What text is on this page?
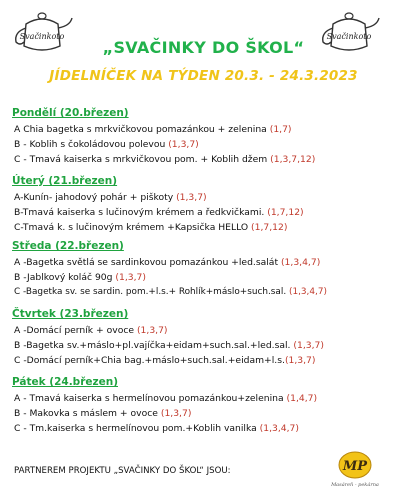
Svačinkoto	Svačinkoto
„SVAČINKY DO ŠKOL“
JÍDELNÍČEK NA TÝDEN 20.3. - 24.3.2023
Pondělí (20.březen)
A Chia bagetka s mrkvičkovou pomazánkou + zelenina (1,7)
B - Koblih s čokoládovou polevou (1,3,7)
C - Tmavá kaiserka s mrkvičkovou pom. + Koblih džem (1,3,7,12)
Úterý (21.březen)
A-Kunín- jahodový pohár + piškoty (1,3,7)
B-Tmavá kaiserka s lučinovým krémem a ředkvičkami. (1,7,12)
C-Tmavá k. s lučinovým krémem +Kapsička HELLO (1,7,12)
Středa (22.březen)
A -Bagetka světlá se sardinkovou pomazánkou +led.salát (1,3,4,7)
B -Jablkový koláč 90g (1,3,7)
C -Bagetka sv. se sardin. pom.+l.s.+ Rohlík+máslo+such.sal. (1,3,4,7)
Čtvrtek (23.březen)
A -Domácí perník + ovoce (1,3,7)
B -Bagetka sv.+máslo+pl.vajíčka+eidam+such.sal.+led.sal. (1,3,7)
C -Domácí perník+Chia bag.+máslo+such.sal.+eidam+l.s.(1,3,7)
Pátek (24.březen)
A - Tmavá kaiserka s hermelínovou pomazánkou+zelenina (1,4,7)
B - Makovka s máslem + ovoce (1,3,7)
C - Tm.kaiserka s hermelínovou pom.+Koblih vanilka (1,3,4,7)
PARTNEREM PROJEKTU „SVAČINKY DO ŠKOL“ JSOU:	MP
Masáreň - pekárna
